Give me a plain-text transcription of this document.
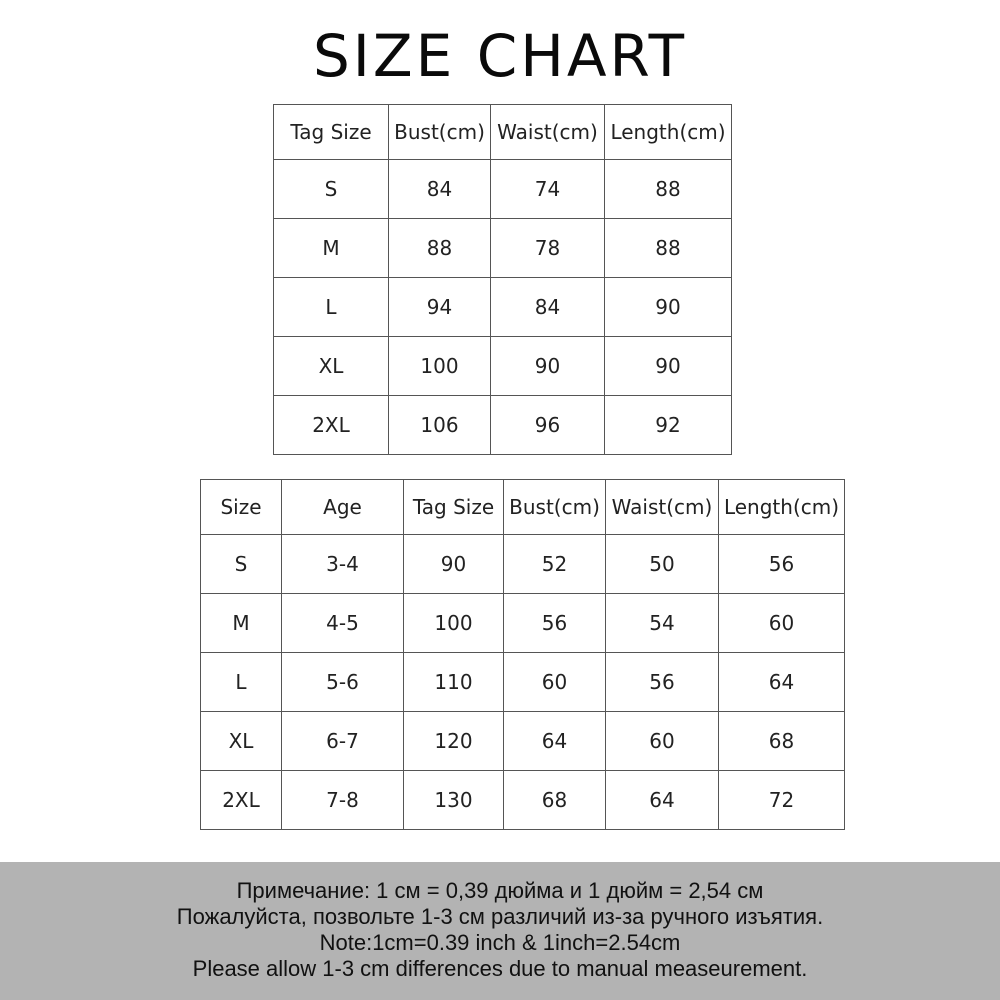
SIZE CHART
Tag Size	Bust(cm)	Waist(cm)	Length(cm)
S	84	74	88
M	88	78	88
L	94	84	90
XL	100	90	90
2XL	106	96	92
Size	Age	Tag Size	Bust(cm)	Waist(cm)	Length(cm)
S	3-4	90	52	50	56
M	4-5	100	56	54	60
L	5-6	110	60	56	64
XL	6-7	120	64	60	68
2XL	7-8	130	68	64	72
Примечание: 1 см = 0,39 дюйма и 1 дюйм = 2,54 см
Пожалуйста, позвольте 1-3 см различий из-за ручного изъятия.
Note:1cm=0.39 inch & 1inch=2.54cm
Please allow 1-3 cm differences due to manual measeurement.
